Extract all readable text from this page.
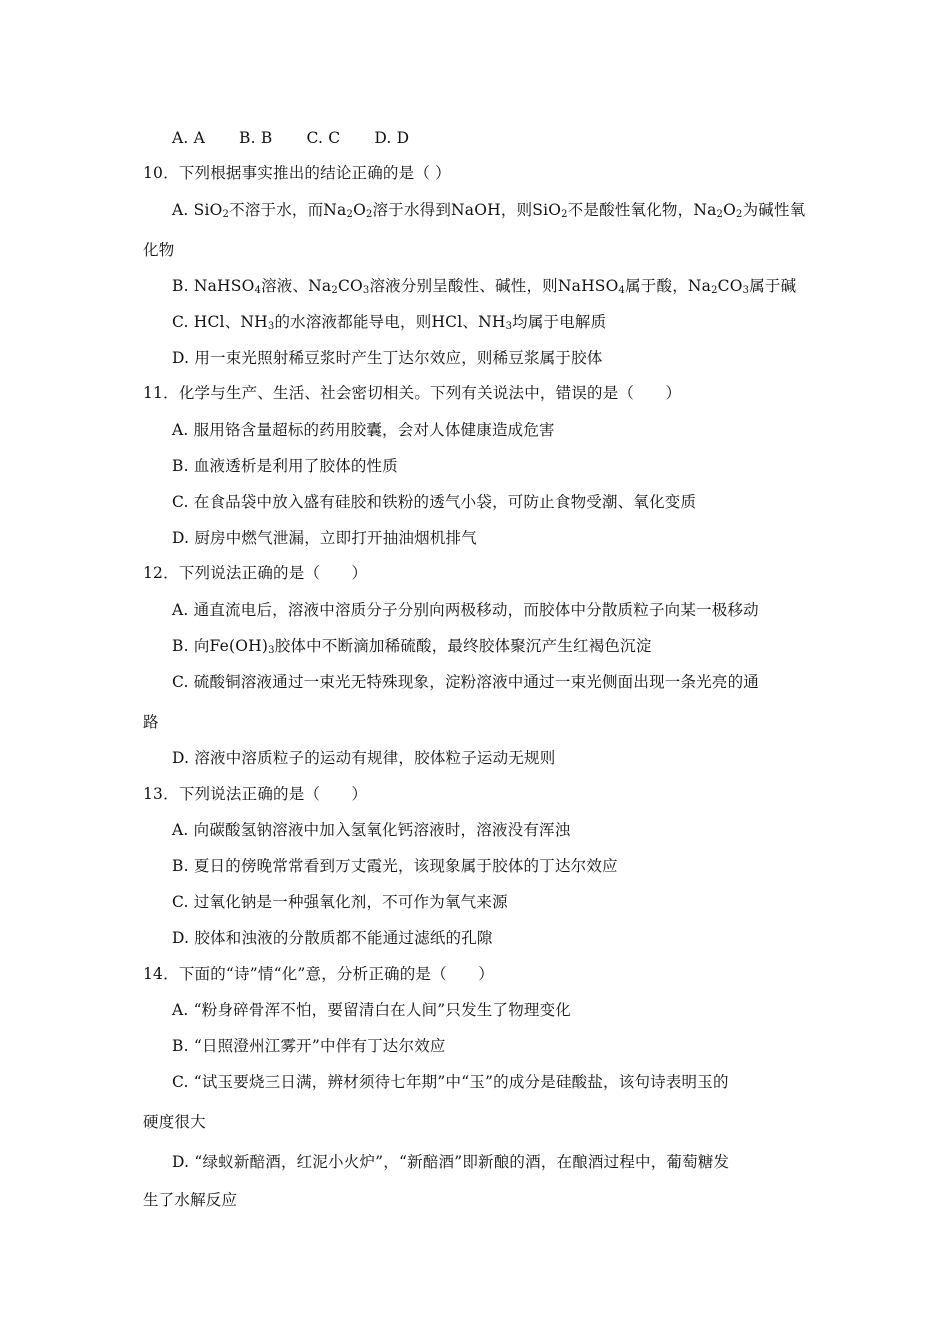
A. A B. B C. C D. D
10．下列根据事实推出的结论正确的是（ ）
A. SiO$_2$不溶于水，而$Na_2O_2$溶于水得到NaOH，则SiO$_2$不是酸性氧化物，$Na_2O_2$为碱性氧
化物
B. NaHSO$_4$溶液、$Na_2CO_3$溶液分别呈酸性、碱性，则NaHSO$_4$属于酸，$Na_2CO_3$属于碱
C. HCl、$NH_3$的水溶液都能导电，则HCl、$NH_3$均属于电解质
D. 用一束光照射稀豆浆时产生丁达尔效应，则稀豆浆属于胶体
11．化学与生产、生活、社会密切相关。下列有关说法中，错误的是（　　）
A. 服用铬含量超标的药用胶囊，会对人体健康造成危害
B. 血液透析是利用了胶体的性质
C. 在食品袋中放入盛有硅胶和铁粉的透气小袋，可防止食物受潮、氧化变质
D. 厨房中燃气泄漏，立即打开抽油烟机排气
12．下列说法正确的是（　　）
A. 通直流电后，溶液中溶质分子分别向两极移动，而胶体中分散质粒子向某一极移动
B. 向$Fe(OH)_3$胶体中不断滴加稀硫酸，最终胶体聚沉产生红褐色沉淀
C. 硫酸铜溶液通过一束光无特殊现象，淀粉溶液中通过一束光侧面出现一条光亮的通
路
D. 溶液中溶质粒子的运动有规律，胶体粒子运动无规则
13．下列说法正确的是（　　）
A. 向碳酸氢钠溶液中加入氢氧化钙溶液时，溶液没有浑浊
B. 夏日的傍晚常常看到万丈霞光，该现象属于胶体的丁达尔效应
C. 过氧化钠是一种强氧化剂，不可作为氧气来源
D. 胶体和浊液的分散质都不能通过滤纸的孔隙
14．下面的“诗”情“化”意，分析正确的是（　　）
A. “粉身碎骨浑不怕，要留清白在人间”只发生了物理变化
B. “日照澄州江雾开”中伴有丁达尔效应
C. “试玉要烧三日满，辨材须待七年期”中“玉”的成分是硅酸盐，该句诗表明玉的
硬度很大
D. “绿蚁新醅酒，红泥小火炉”，“新醅酒”即新酿的酒，在酿酒过程中，葡萄糖发
生了水解反应
